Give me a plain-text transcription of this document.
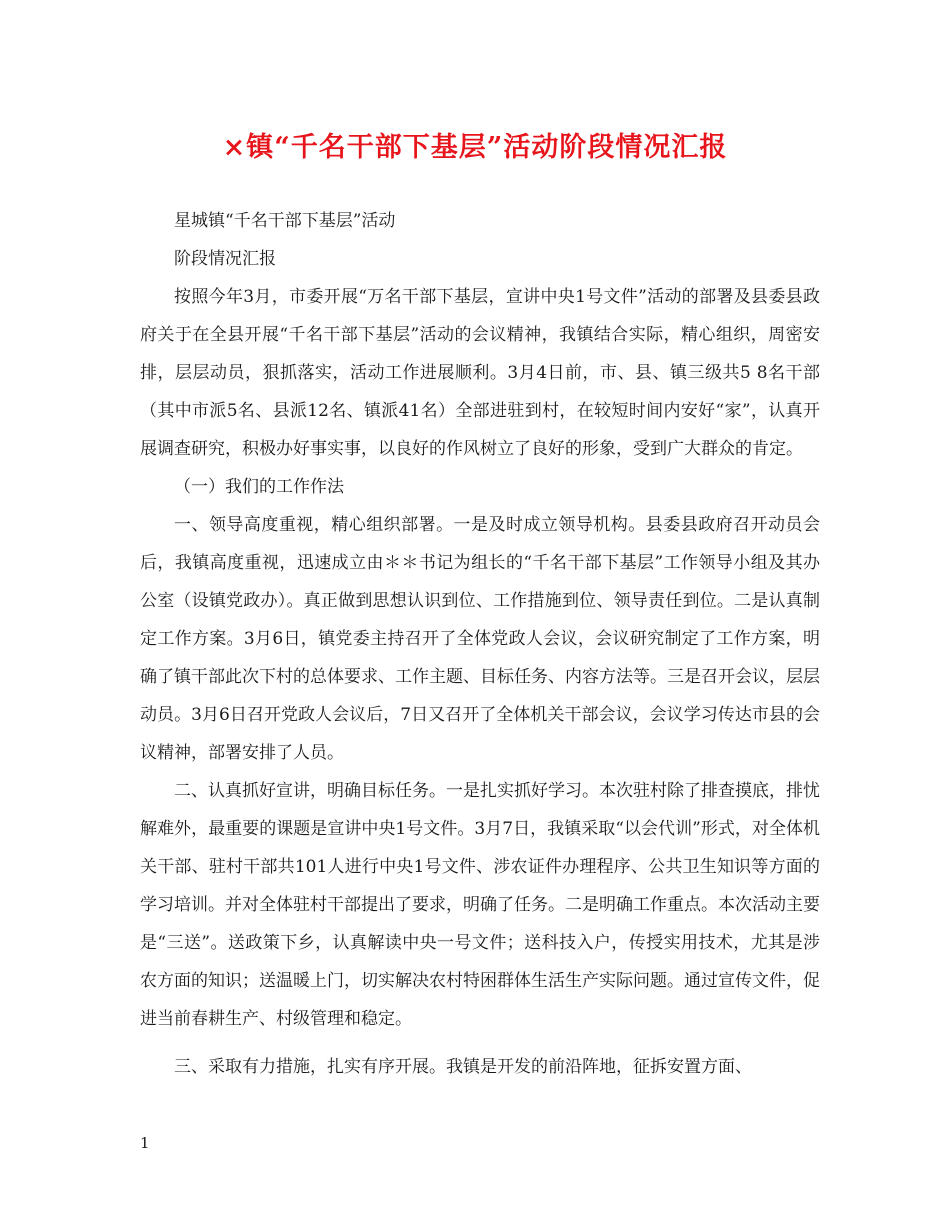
×镇“千名干部下基层”活动阶段情况汇报

星城镇“千名干部下基层”活动

阶段情况汇报

按照今年3月，市委开展“万名干部下基层，宣讲中央1号文件”活动的部署及县委县政府关于在全县开展“千名干部下基层”活动的会议精神，我镇结合实际，精心组织，周密安排，层层动员，狠抓落实，活动工作进展顺利。3月4日前，市、县、镇三级共5 8名干部（其中市派5名、县派12名、镇派41名）全部进驻到村，在较短时间内安好“家”，认真开展调查研究，积极办好事实事，以良好的作风树立了良好的形象，受到广大群众的肯定。

（一）我们的工作作法

一、领导高度重视，精心组织部署。一是及时成立领导机构。县委县政府召开动员会后，我镇高度重视，迅速成立由＊＊书记为组长的“千名干部下基层”工作领导小组及其办公室（设镇党政办）。真正做到思想认识到位、工作措施到位、领导责任到位。二是认真制定工作方案。3月6日，镇党委主持召开了全体党政人会议，会议研究制定了工作方案，明确了镇干部此次下村的总体要求、工作主题、目标任务、内容方法等。三是召开会议，层层动员。3月6日召开党政人会议后，7日又召开了全体机关干部会议，会议学习传达市县的会议精神，部署安排了人员。

二、认真抓好宣讲，明确目标任务。一是扎实抓好学习。本次驻村除了排查摸底，排忧解难外，最重要的课题是宣讲中央1号文件。3月7日，我镇采取“以会代训”形式，对全体机关干部、驻村干部共101人进行中央1号文件、涉农证件办理程序、公共卫生知识等方面的学习培训。并对全体驻村干部提出了要求，明确了任务。二是明确工作重点。本次活动主要是“三送”。送政策下乡，认真解读中央一号文件；送科技入户，传授实用技术，尤其是涉农方面的知识；送温暖上门，切实解决农村特困群体生活生产实际问题。通过宣传文件，促进当前春耕生产、村级管理和稳定。

三、采取有力措施，扎实有序开展。我镇是开发的前沿阵地，征拆安置方面、

1
